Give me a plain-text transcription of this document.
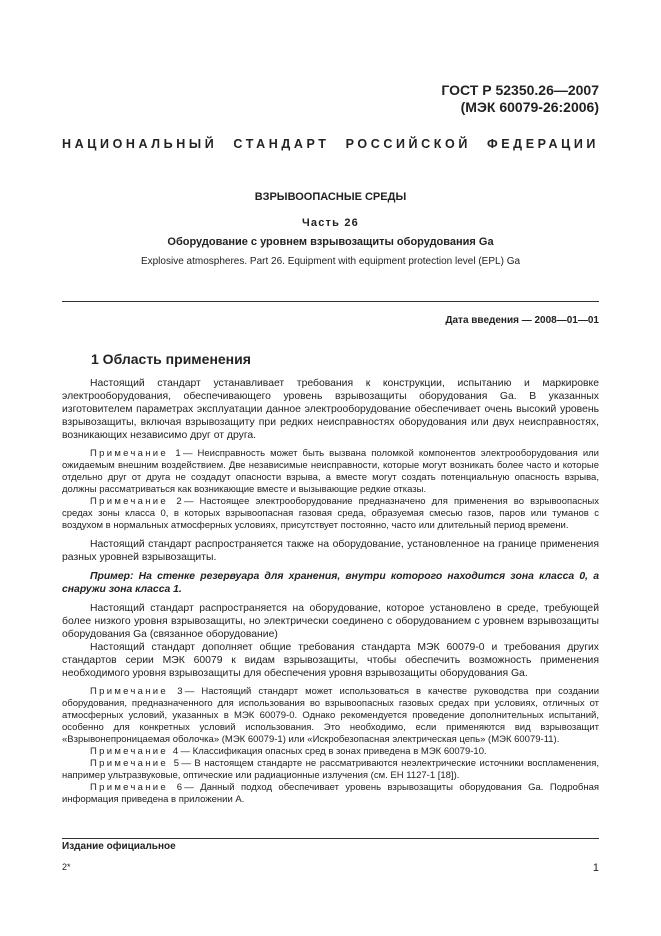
ГОСТ Р 52350.26—2007
(МЭК 60079-26:2006)
НАЦИОНАЛЬНЫЙ СТАНДАРТ РОССИЙСКОЙ ФЕДЕРАЦИИ
ВЗРЫВООПАСНЫЕ СРЕДЫ
Часть 26
Оборудование с уровнем взрывозащиты оборудования Ga
Explosive atmospheres. Part 26. Equipment with equipment protection level (EPL) Ga
Дата введения — 2008—01—01
1 Область применения

Настоящий стандарт устанавливает требования к конструкции, испытанию и маркировке электрооборудования, обеспечивающего уровень взрывозащиты оборудования Ga. В указанных изготовителем параметрах эксплуатации данное электрооборудование обеспечивает очень высокий уровень взрывозащиты, включая взрывозащиту при редких неисправностях оборудования или двух неисправностях, возникающих независимо друг от друга.

Примечание 1— Неисправность может быть вызвана поломкой компонентов электрооборудования или ожидаемым внешним воздействием. Две независимые неисправности, которые могут возникать более часто и которые отдельно друг от друга не создадут опасности взрыва, а вместе могут создать потенциальную опасность взрыва, должны рассматриваться как возникающие вместе и вызывающие редкие отказы.

Примечание 2— Настоящее электрооборудование предназначено для применения во взрывоопасных средах зоны класса 0, в которых взрывоопасная газовая среда, образуемая смесью газов, паров или туманов с воздухом в нормальных атмосферных условиях, присутствует постоянно, часто или длительный период времени.

Настоящий стандарт распространяется также на оборудование, установленное на границе применения разных уровней взрывозащиты.

Пример: На стенке резервуара для хранения, внутри которого находится зона класса 0, а снаружи зона класса 1.

Настоящий стандарт распространяется на оборудование, которое установлено в среде, требующей более низкого уровня взрывозащиты, но электрически соединено с оборудованием с уровнем взрывозащиты оборудования Ga (связанное оборудование)

Настоящий стандарт дополняет общие требования стандарта МЭК 60079-0 и требования других стандартов серии МЭК 60079 к видам взрывозащиты, чтобы обеспечить возможность применения необходимого уровня взрывозащиты для обеспечения уровня взрывозащиты оборудования Ga.

Примечание 3— Настоящий стандарт может использоваться в качестве руководства при создании оборудования, предназначенного для использования во взрывоопасных газовых средах при условиях, отличных от атмосферных условий, указанных в МЭК 60079-0. Однако рекомендуется проведение дополнительных испытаний, особенно для конкретных условий использования. Это необходимо, если применяются вид взрывозащит «Взрывонепроницаемая оболочка» (МЭК 60079-1) или «Искробезопасная электрическая цепь» (МЭК 60079-11).

Примечание 4— Классификация опасных сред в зонах приведена в МЭК 60079-10.

Примечание 5— В настоящем стандарте не рассматриваются неэлектрические источники воспламенения, например ультразвуковые, оптические или радиационные излучения (см. ЕН 1127-1 [18]).

Примечание 6— Данный подход обеспечивает уровень взрывозащиты оборудования Ga. Подробная информация приведена в приложении А.

Издание официальное
2*	1
